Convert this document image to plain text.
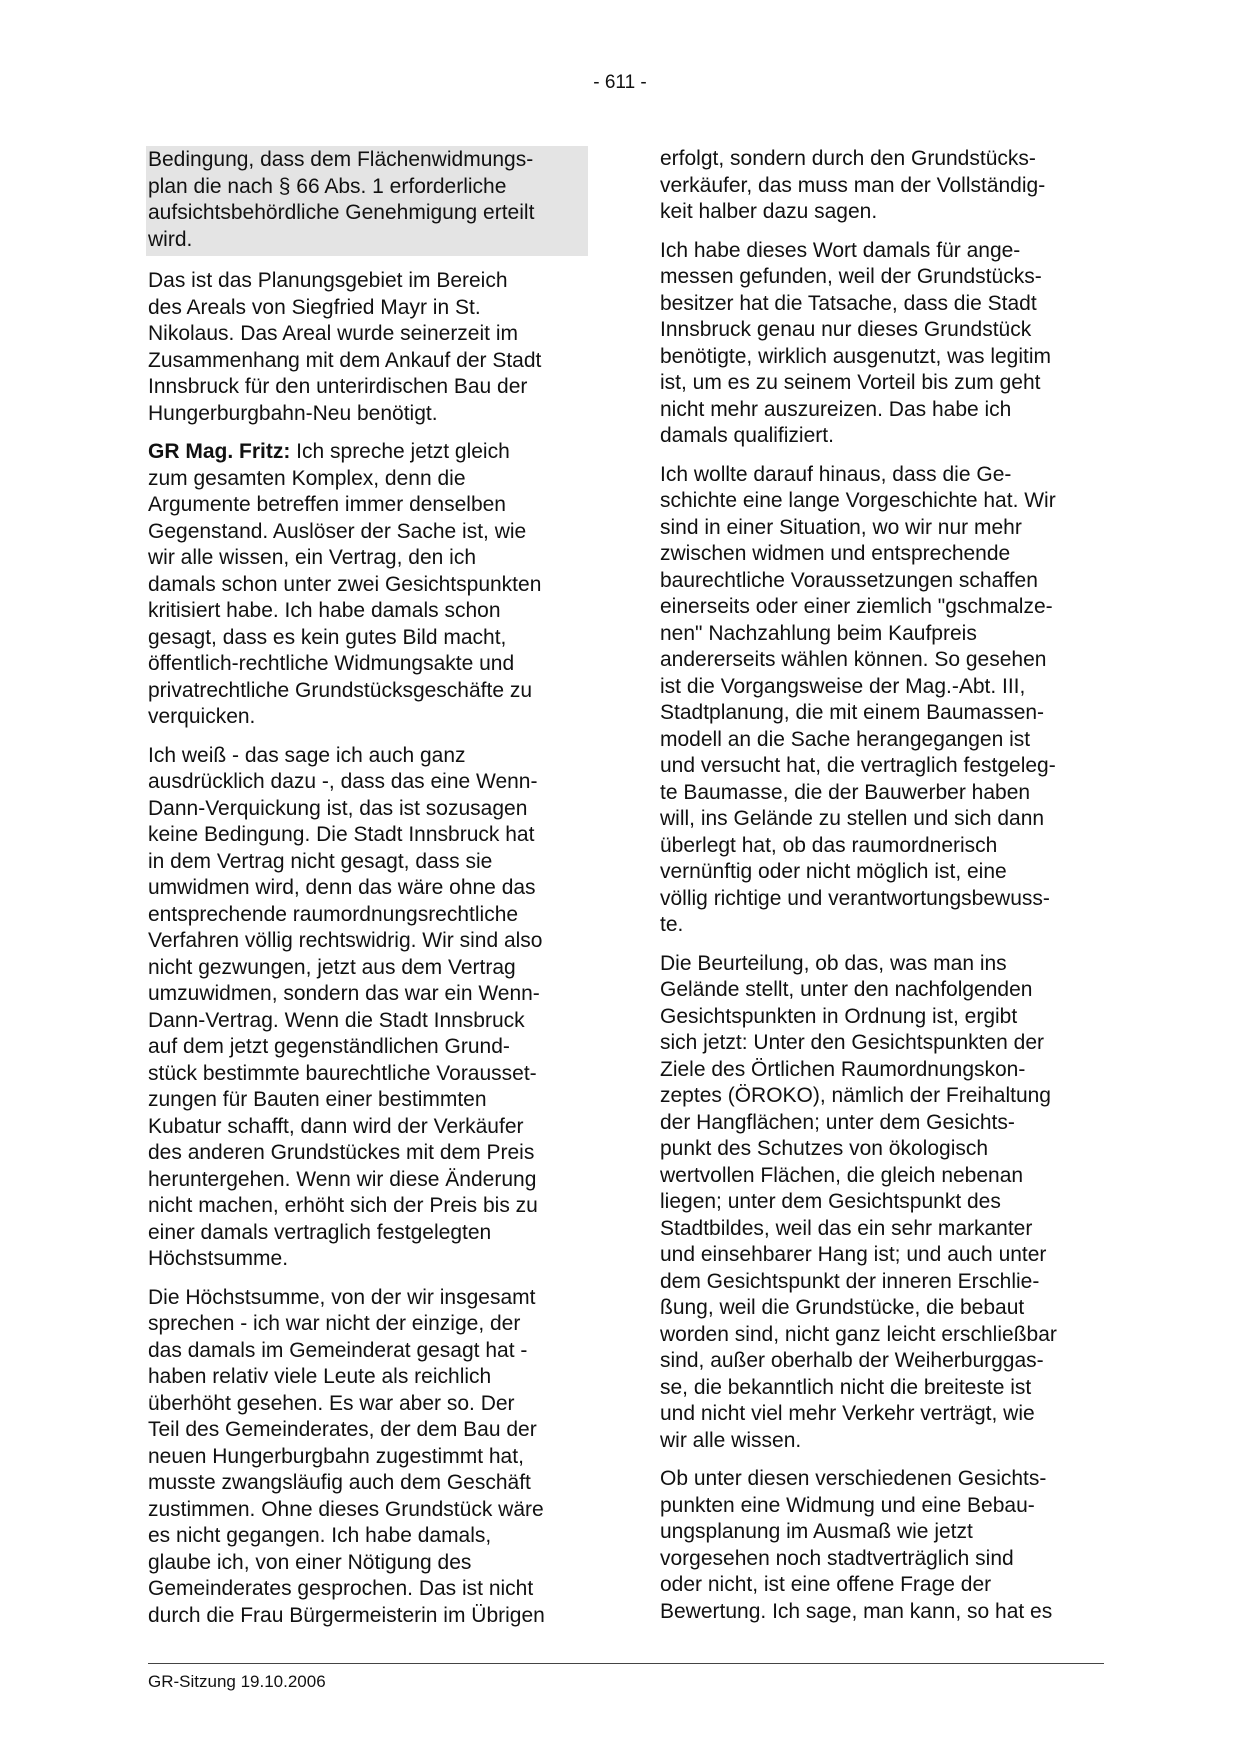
- 611 -
Bedingung, dass dem Flächenwidmungs-
plan die nach § 66 Abs. 1 erforderliche
aufsichtsbehördliche Genehmigung erteilt
wird.
Das ist das Planungsgebiet im Bereich
des Areals von Siegfried Mayr in St.
Nikolaus. Das Areal wurde seinerzeit im
Zusammenhang mit dem Ankauf der Stadt
Innsbruck für den unterirdischen Bau der
Hungerburgbahn-Neu benötigt.
GR Mag. Fritz: Ich spreche jetzt gleich
zum gesamten Komplex, denn die
Argumente betreffen immer denselben
Gegenstand. Auslöser der Sache ist, wie
wir alle wissen, ein Vertrag, den ich
damals schon unter zwei Gesichtspunkten
kritisiert habe. Ich habe damals schon
gesagt, dass es kein gutes Bild macht,
öffentlich-rechtliche Widmungsakte und
privatrechtliche Grundstücksgeschäfte zu
verquicken.
Ich weiß - das sage ich auch ganz
ausdrücklich dazu -, dass das eine Wenn-
Dann-Verquickung ist, das ist sozusagen
keine Bedingung. Die Stadt Innsbruck hat
in dem Vertrag nicht gesagt, dass sie
umwidmen wird, denn das wäre ohne das
entsprechende raumordnungsrechtliche
Verfahren völlig rechtswidrig. Wir sind also
nicht gezwungen, jetzt aus dem Vertrag
umzuwidmen, sondern das war ein Wenn-
Dann-Vertrag. Wenn die Stadt Innsbruck
auf dem jetzt gegenständlichen Grund-
stück bestimmte baurechtliche Vorausset-
zungen für Bauten einer bestimmten
Kubatur schafft, dann wird der Verkäufer
des anderen Grundstückes mit dem Preis
heruntergehen. Wenn wir diese Änderung
nicht machen, erhöht sich der Preis bis zu
einer damals vertraglich festgelegten
Höchstsumme.
Die Höchstsumme, von der wir insgesamt
sprechen - ich war nicht der einzige, der
das damals im Gemeinderat gesagt hat -
haben relativ viele Leute als reichlich
überhöht gesehen. Es war aber so. Der
Teil des Gemeinderates, der dem Bau der
neuen Hungerburgbahn zugestimmt hat,
musste zwangsläufig auch dem Geschäft
zustimmen. Ohne dieses Grundstück wäre
es nicht gegangen. Ich habe damals,
glaube ich, von einer Nötigung des
Gemeinderates gesprochen. Das ist nicht
durch die Frau Bürgermeisterin im Übrigen
erfolgt, sondern durch den Grundstücks-
verkäufer, das muss man der Vollständig-
keit halber dazu sagen.
Ich habe dieses Wort damals für ange-
messen gefunden, weil der Grundstücks-
besitzer hat die Tatsache, dass die Stadt
Innsbruck genau nur dieses Grundstück
benötigte, wirklich ausgenutzt, was legitim
ist, um es zu seinem Vorteil bis zum geht
nicht mehr auszureizen. Das habe ich
damals qualifiziert.
Ich wollte darauf hinaus, dass die Ge-
schichte eine lange Vorgeschichte hat. Wir
sind in einer Situation, wo wir nur mehr
zwischen widmen und entsprechende
baurechtliche Voraussetzungen schaffen
einerseits oder einer ziemlich "gschmalze-
nen" Nachzahlung beim Kaufpreis
andererseits wählen können. So gesehen
ist die Vorgangsweise der Mag.-Abt. III,
Stadtplanung, die mit einem Baumassen-
modell an die Sache herangegangen ist
und versucht hat, die vertraglich festgeleg-
te Baumasse, die der Bauwerber haben
will, ins Gelände zu stellen und sich dann
überlegt hat, ob das raumordnerisch
vernünftig oder nicht möglich ist, eine
völlig richtige und verantwortungsbewuss-
te.
Die Beurteilung, ob das, was man ins
Gelände stellt, unter den nachfolgenden
Gesichtspunkten in Ordnung ist, ergibt
sich jetzt: Unter den Gesichtspunkten der
Ziele des Örtlichen Raumordnungskon-
zeptes (ÖROKO), nämlich der Freihaltung
der Hangflächen; unter dem Gesichts-
punkt des Schutzes von ökologisch
wertvollen Flächen, die gleich nebenan
liegen; unter dem Gesichtspunkt des
Stadtbildes, weil das ein sehr markanter
und einsehbarer Hang ist; und auch unter
dem Gesichtspunkt der inneren Erschlie-
ßung, weil die Grundstücke, die bebaut
worden sind, nicht ganz leicht erschließbar
sind, außer oberhalb der Weiherburggas-
se, die bekanntlich nicht die breiteste ist
und nicht viel mehr Verkehr verträgt, wie
wir alle wissen.
Ob unter diesen verschiedenen Gesichts-
punkten eine Widmung und eine Bebau-
ungsplanung im Ausmaß wie jetzt
vorgesehen noch stadtverträglich sind
oder nicht, ist eine offene Frage der
Bewertung. Ich sage, man kann, so hat es
GR-Sitzung 19.10.2006
